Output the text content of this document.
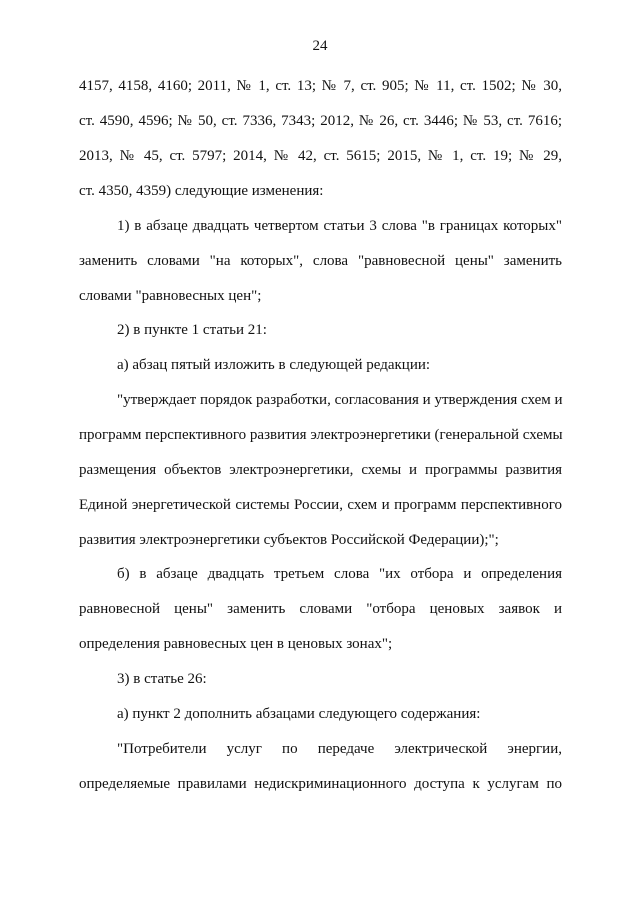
24
4157, 4158, 4160; 2011, № 1, ст. 13; № 7, ст. 905; № 11, ст. 1502; № 30,
ст. 4590, 4596; № 50, ст. 7336, 7343; 2012, № 26, ст. 3446; № 53, ст. 7616;
2013, № 45, ст. 5797; 2014, № 42, ст. 5615; 2015, № 1, ст. 19; № 29,
ст. 4350, 4359) следующие изменения:
1) в абзаце двадцать четвертом статьи 3 слова "в границах которых"
заменить словами "на которых", слова "равновесной цены" заменить
словами "равновесных цен";
2) в пункте 1 статьи 21:
а) абзац пятый изложить в следующей редакции:
"утверждает порядок разработки, согласования и утверждения схем и
программ перспективного развития электроэнергетики (генеральной схемы
размещения объектов электроэнергетики, схемы и программы развития
Единой энергетической системы России, схем и программ перспективного
развития электроэнергетики субъектов Российской Федерации);";
б) в абзаце двадцать третьем слова "их отбора и определения
равновесной цены" заменить словами "отбора ценовых заявок и
определения равновесных цен в ценовых зонах";
3) в статье 26:
а) пункт 2 дополнить абзацами следующего содержания:
"Потребители услуг по передаче электрической энергии,
определяемые правилами недискриминационного доступа к услугам по
